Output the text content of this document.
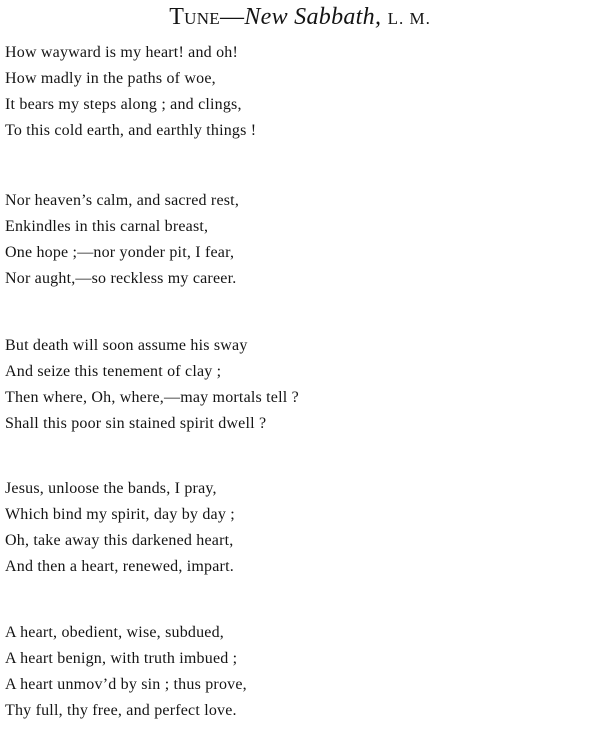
Tune—New Sabbath, L. M.
How wayward is my heart! and oh!
How madly in the paths of woe,
It bears my steps along ; and clings,
To this cold earth, and earthly things !
Nor heaven’s calm, and sacred rest,
Enkindles in this carnal breast,
One hope ;—nor yonder pit, I fear,
Nor aught,—so reckless my career.
But death will soon assume his sway
And seize this tenement of clay ;
Then where, Oh, where,—may mortals tell ?
Shall this poor sin stained spirit dwell ?
Jesus, unloose the bands, I pray,
Which bind my spirit, day by day ;
Oh, take away this darkened heart,
And then a heart, renewed, impart.
A heart, obedient, wise, subdued,
A heart benign, with truth imbued ;
A heart unmov’d by sin ; thus prove,
Thy full, thy free, and perfect love.
